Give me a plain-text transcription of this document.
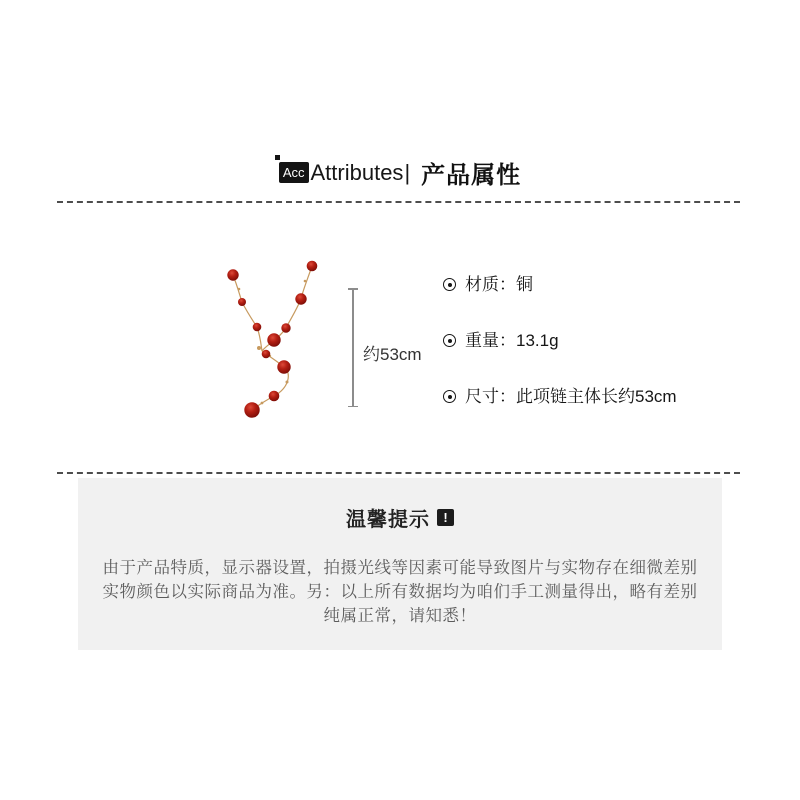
Acc Attributes | 产品属性
约53cm
材质：铜
重量：13.1g
尺寸：此项链主体长约53cm
温馨提示	!
由于产品特质，显示器设置，拍摄光线等因素可能导致图片与实物存在细微差别
实物颜色以实际商品为准。另：以上所有数据均为咱们手工测量得出，略有差别
纯属正常，请知悉！
